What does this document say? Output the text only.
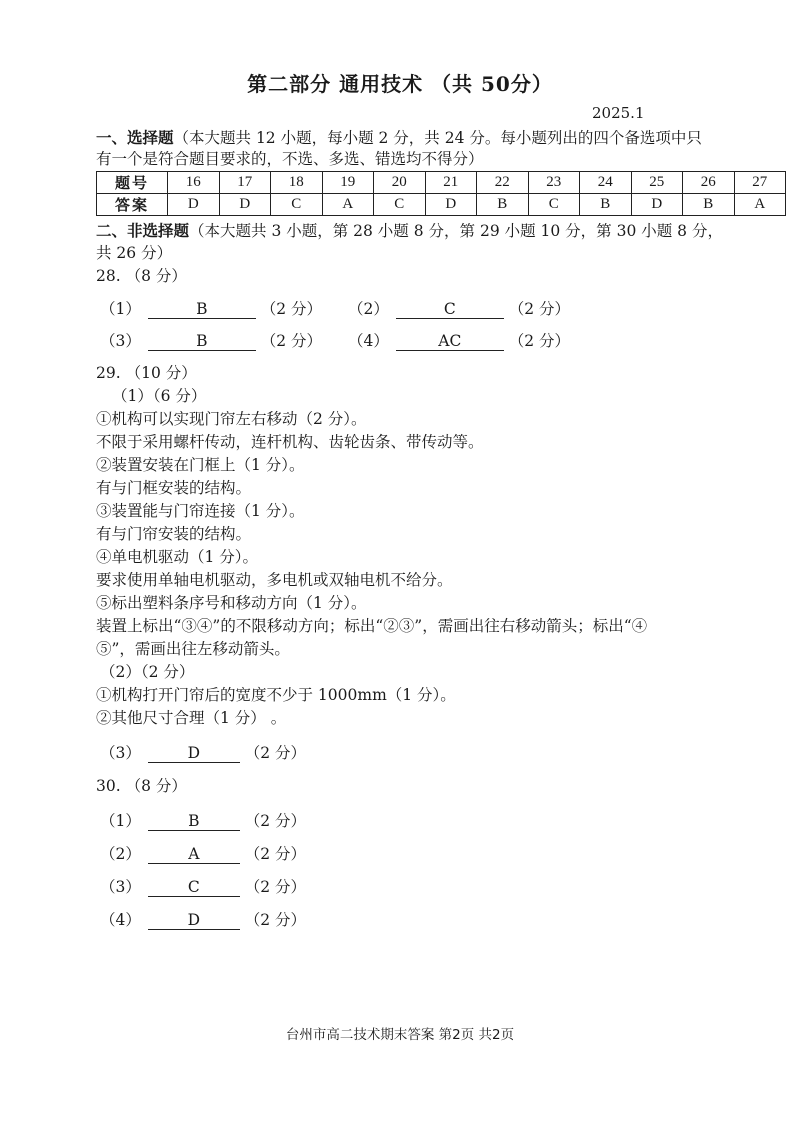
第二部分 通用技术 （共 50分）
2025.1
一、选择题（本大题共 12 小题，每小题 2 分，共 24 分。每小题列出的四个备选项中只
有一个是符合题目要求的，不选、多选、错选均不得分）
题号	16	17	18	19	20	21	22	23	24	25	26	27
答案	D	D	C	A	C	D	B	C	B	D	B	A
二、非选择题（本大题共 3 小题，第 28 小题 8 分，第 29 小题 10 分，第 30 小题 8 分，
共 26 分）
28. （8 分）
（1）	B	（2 分） （2）	C	（2 分）
（3）	B	（2 分） （4）	AC	（2 分）
29. （10 分）
（1）（6 分）
①机构可以实现门帘左右移动（2 分）。
不限于采用螺杆传动，连杆机构、齿轮齿条、带传动等。
②装置安装在门框上（1 分）。
有与门框安装的结构。
③装置能与门帘连接（1 分）。
有与门帘安装的结构。
④单电机驱动（1 分）。
要求使用单轴电机驱动，多电机或双轴电机不给分。
⑤标出塑料条序号和移动方向（1 分）。
装置上标出“③④”的不限移动方向；标出“②③”，需画出往右移动箭头；标出“④
⑤”，需画出往左移动箭头。
（2）（2 分）
①机构打开门帘后的宽度不少于 1000mm（1 分）。
②其他尺寸合理（1 分） 。
（3）	D	（2 分）
30. （8 分）
（1）	B	（2 分）
（2）	A	（2 分）
（3）	C	（2 分）
（4）	D	（2 分）
台州市高二技术期末答案 第2页 共2页
